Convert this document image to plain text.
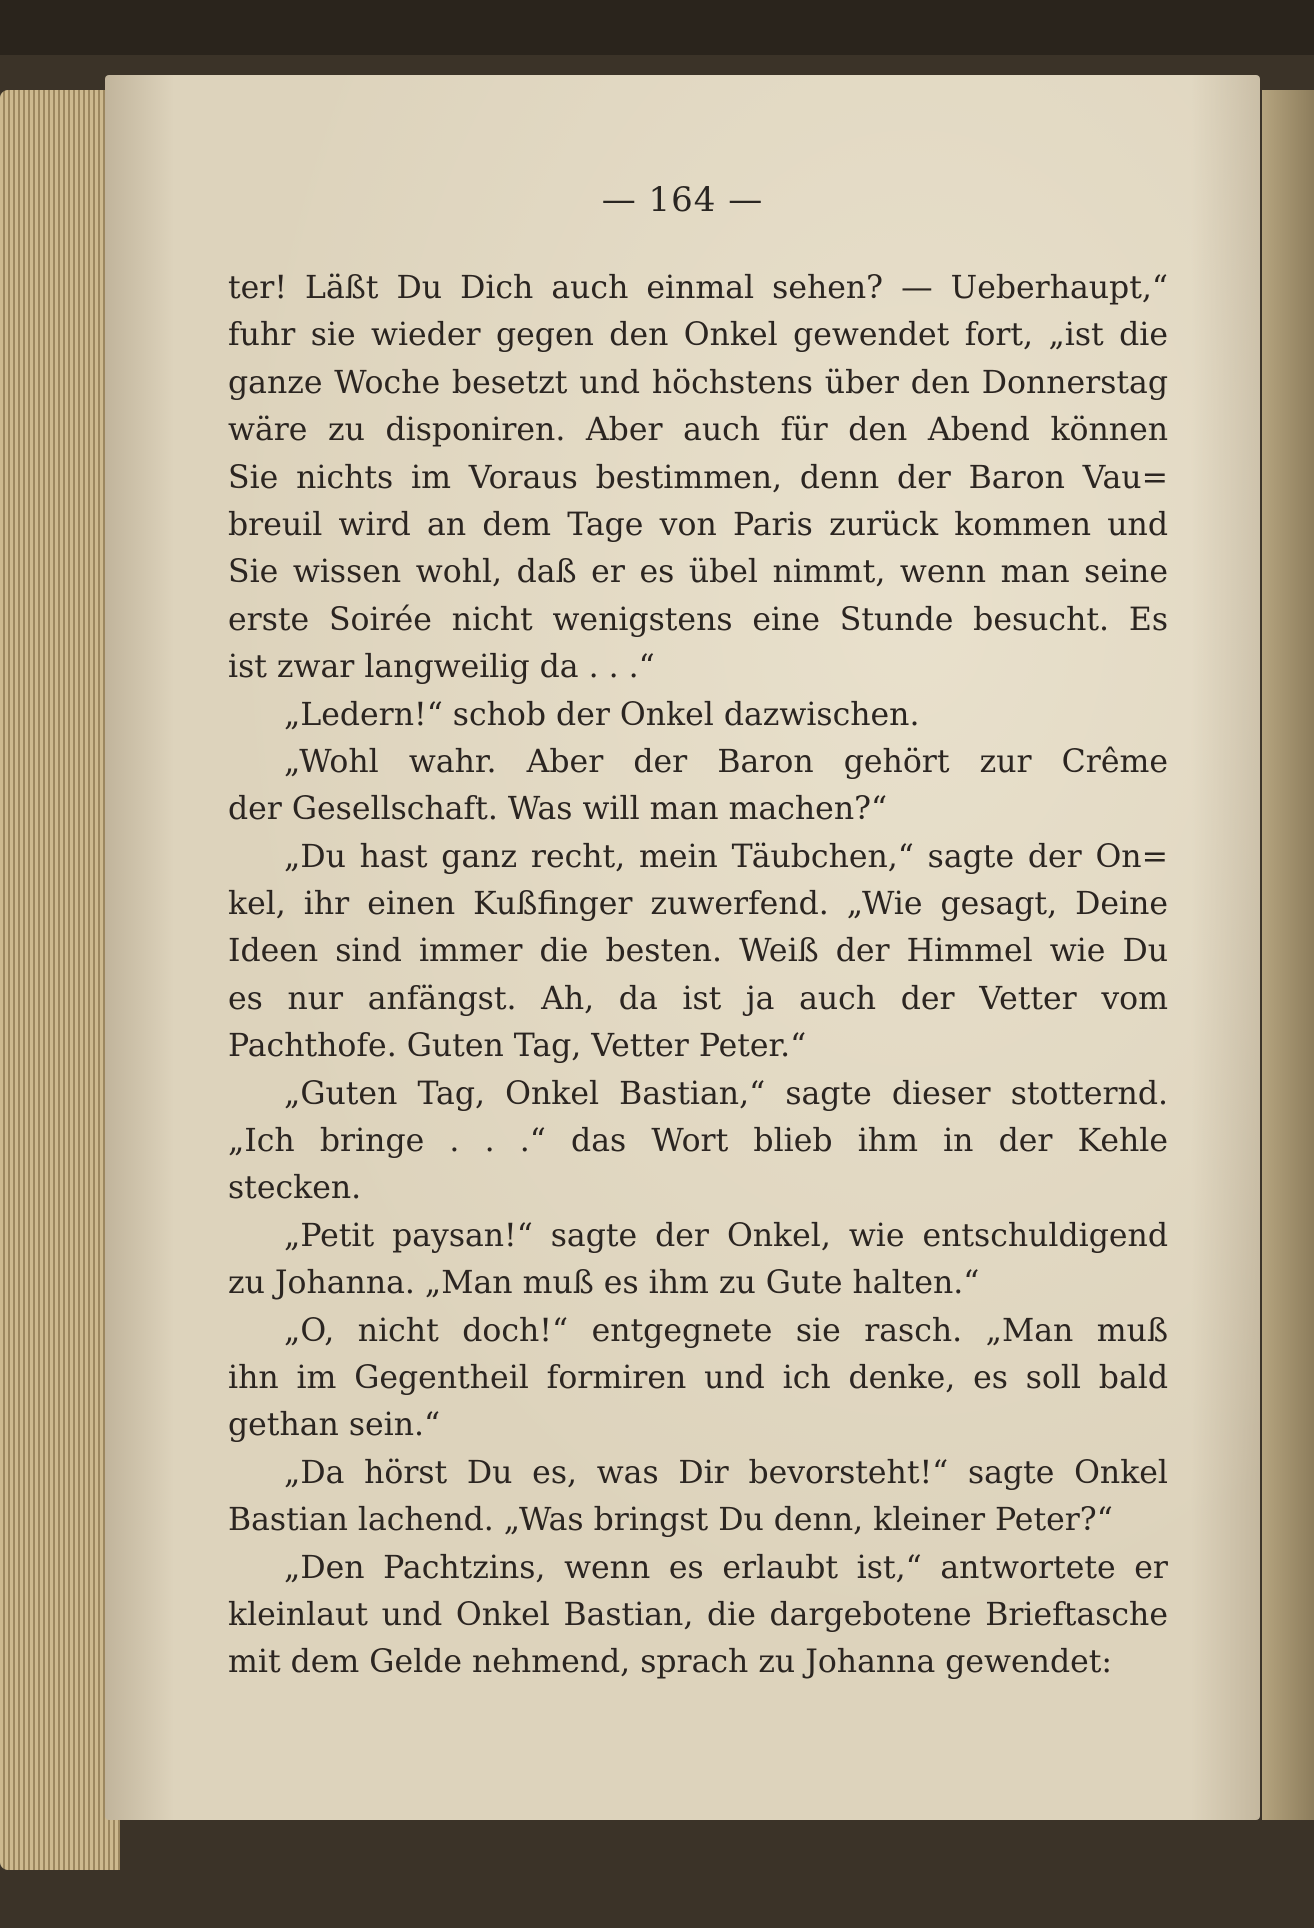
— 164 —
ter! Läßt Du Dich auch einmal sehen? — Ueberhaupt,“
fuhr sie wieder gegen den Onkel gewendet fort, „ist die
ganze Woche besetzt und höchstens über den Donnerstag
wäre zu disponiren. Aber auch für den Abend können
Sie nichts im Voraus bestimmen, denn der Baron Vau=
breuil wird an dem Tage von Paris zurück kommen und
Sie wissen wohl, daß er es übel nimmt, wenn man seine
erste Soirée nicht wenigstens eine Stunde besucht. Es
ist zwar langweilig da . . .“
„Ledern!“ schob der Onkel dazwischen.
„Wohl wahr. Aber der Baron gehört zur Crême
der Gesellschaft. Was will man machen?“
„Du hast ganz recht, mein Täubchen,“ sagte der On=
kel, ihr einen Kußfinger zuwerfend. „Wie gesagt, Deine
Ideen sind immer die besten. Weiß der Himmel wie Du
es nur anfängst. Ah, da ist ja auch der Vetter vom
Pachthofe. Guten Tag, Vetter Peter.“
„Guten Tag, Onkel Bastian,“ sagte dieser stotternd.
„Ich bringe . . .“ das Wort blieb ihm in der Kehle
stecken.
„Petit paysan!“ sagte der Onkel, wie entschuldigend
zu Johanna. „Man muß es ihm zu Gute halten.“
„O, nicht doch!“ entgegnete sie rasch. „Man muß
ihn im Gegentheil formiren und ich denke, es soll bald
gethan sein.“
„Da hörst Du es, was Dir bevorsteht!“ sagte Onkel
Bastian lachend. „Was bringst Du denn, kleiner Peter?“
„Den Pachtzins, wenn es erlaubt ist,“ antwortete er
kleinlaut und Onkel Bastian, die dargebotene Brieftasche
mit dem Gelde nehmend, sprach zu Johanna gewendet:
